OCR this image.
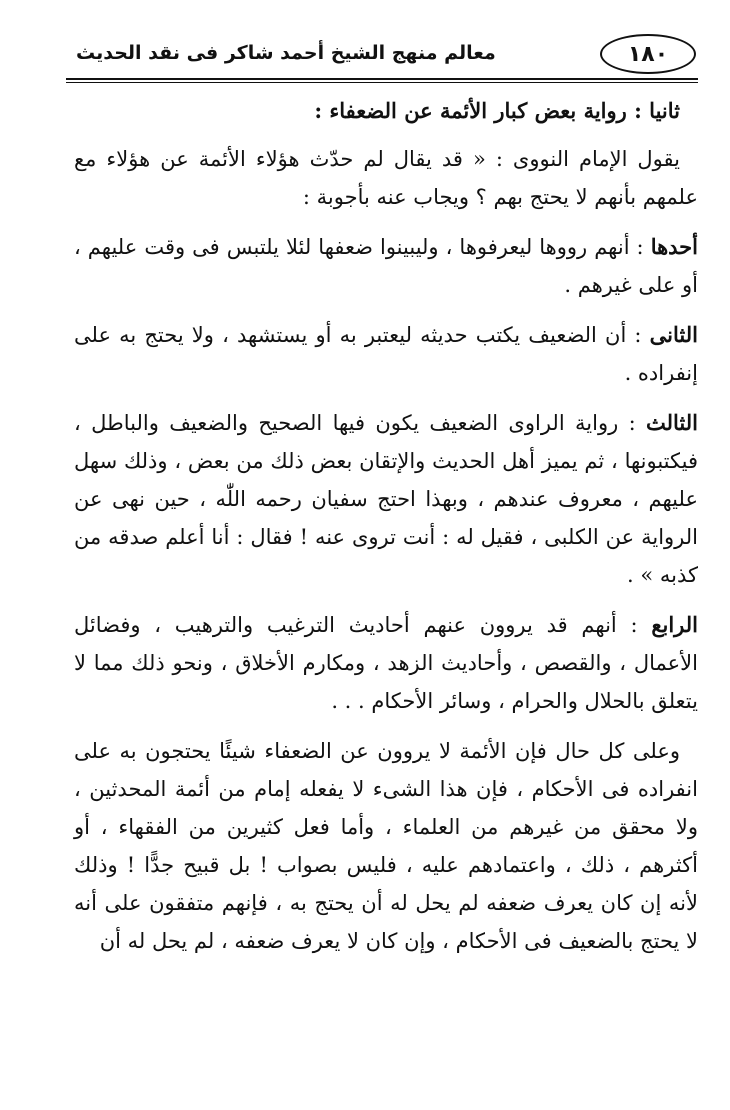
معالم منهج الشيخ أحمد شاكر فى نقد الحديث	١٨٠
ثانيا : رواية بعض كبار الأئمة عن الضعفاء :

يقول الإمام النووى : « قد يقال لم حدّث هؤلاء الأئمة عن هؤلاء مع علمهم بأنهم لا يحتج بهم ؟ ويجاب عنه بأجوبة :

أحدها : أنهم رووها ليعرفوها ، وليبينوا ضعفها لئلا يلتبس فى وقت عليهم ، أو على غيرهم .

الثانى : أن الضعيف يكتب حديثه ليعتبر به أو يستشهد ، ولا يحتج به على إنفراده .

الثالث : رواية الراوى الضعيف يكون فيها الصحيح والضعيف والباطل ، فيكتبونها ، ثم يميز أهل الحديث والإتقان بعض ذلك من بعض ، وذلك سهل عليهم ، معروف عندهم ، وبهذا احتج سفيان رحمه اللّٰه ، حين نهى عن الرواية عن الكلبى ، فقيل له : أنت تروى عنه ! فقال : أنا أعلم صدقه من كذبه » .

الرابع : أنهم قد يروون عنهم أحاديث الترغيب والترهيب ، وفضائل الأعمال ، والقصص ، وأحاديث الزهد ، ومكارم الأخلاق ، ونحو ذلك مما لا يتعلق بالحلال والحرام ، وسائر الأحكام . . .

وعلى كل حال فإن الأئمة لا يروون عن الضعفاء شيئًا يحتجون به على انفراده فى الأحكام ، فإن هذا الشىء لا يفعله إمام من أئمة المحدثين ، ولا محقق من غيرهم من العلماء ، وأما فعل كثيرين من الفقهاء ، أو أكثرهم ، ذلك ، واعتمادهم عليه ، فليس بصواب ! بل قبيح جدًّا ! وذلك لأنه إن كان يعرف ضعفه لم يحل له أن يحتج به ، فإنهم متفقون على أنه لا يحتج بالضعيف فى الأحكام ، وإن كان لا يعرف ضعفه ، لم يحل له أن
